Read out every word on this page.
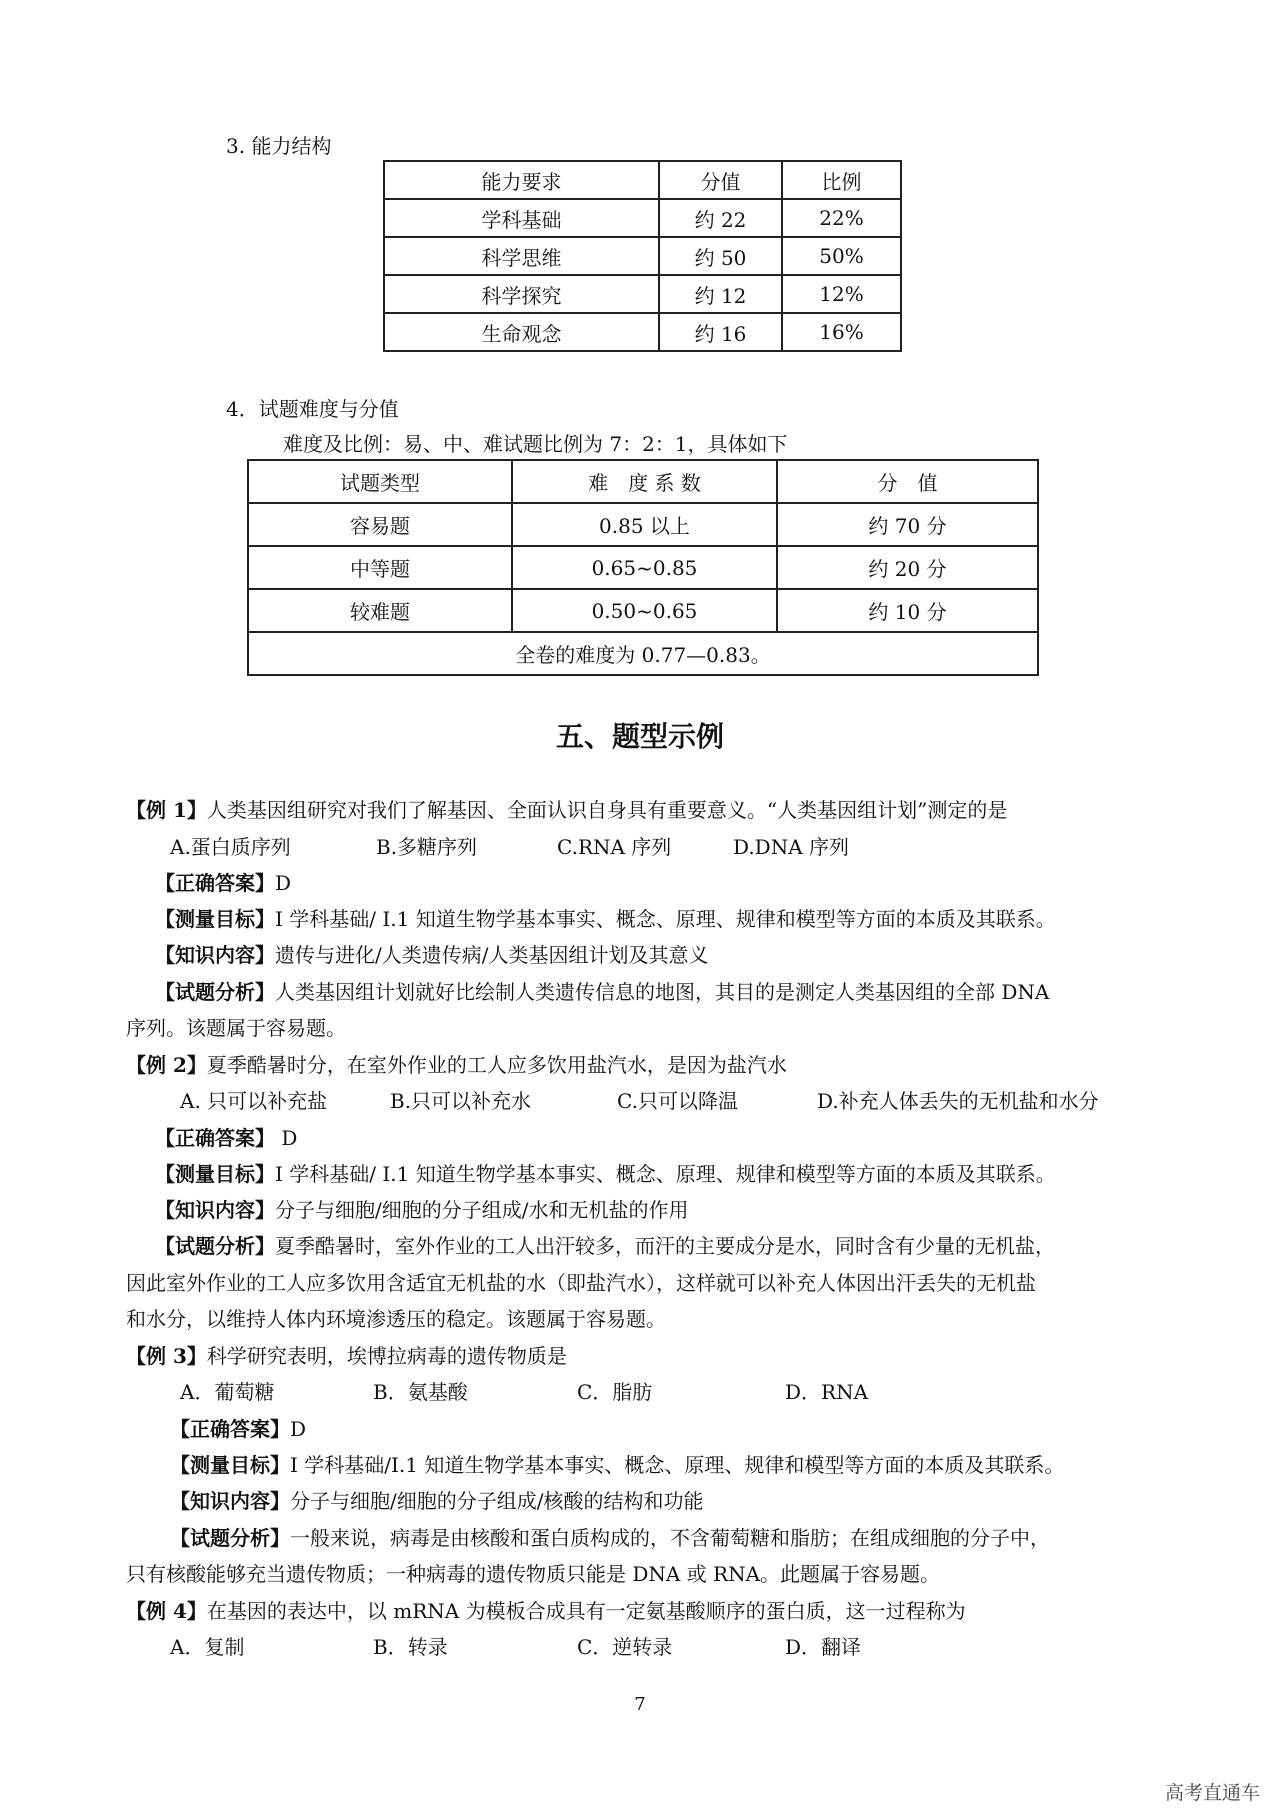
3. 能力结构
能力要求	分值	比例
学科基础	约 22	22%
科学思维	约 50	50%
科学探究	约 12	12%
生命观念	约 16	16%
4．试题难度与分值
难度及比例：易、中、难试题比例为 7：2：1，具体如下
试题类型	难　度 系 数	分　值
容易题	0.85 以上	约 70 分
中等题	0.65~0.85	约 20 分
较难题	0.50~0.65	约 10 分
全卷的难度为 0.77—0.83。		
五、题型示例
【例 1】人类基因组研究对我们了解基因、全面认识自身具有重要意义。“人类基因组计划”测定的是
A.蛋白质序列	B.多糖序列	C.RNA 序列	D.DNA 序列
【正确答案】D
【测量目标】I 学科基础/ I.1 知道生物学基本事实、概念、原理、规律和模型等方面的本质及其联系。
【知识内容】遗传与进化/人类遗传病/人类基因组计划及其意义
【试题分析】人类基因组计划就好比绘制人类遗传信息的地图，其目的是测定人类基因组的全部 DNA
序列。该题属于容易题。
【例 2】夏季酷暑时分，在室外作业的工人应多饮用盐汽水，是因为盐汽水
A. 只可以补充盐	B.只可以补充水	C.只可以降温	D.补充人体丢失的无机盐和水分
【正确答案】 D
【测量目标】I 学科基础/ I.1 知道生物学基本事实、概念、原理、规律和模型等方面的本质及其联系。
【知识内容】分子与细胞/细胞的分子组成/水和无机盐的作用
【试题分析】夏季酷暑时，室外作业的工人出汗较多，而汗的主要成分是水，同时含有少量的无机盐，
因此室外作业的工人应多饮用含适宜无机盐的水（即盐汽水），这样就可以补充人体因出汗丢失的无机盐
和水分，以维持人体内环境渗透压的稳定。该题属于容易题。
【例 3】科学研究表明，埃博拉病毒的遗传物质是
A．葡萄糖	B．氨基酸	C．脂肪	D．RNA
【正确答案】D
【测量目标】I 学科基础/I.1 知道生物学基本事实、概念、原理、规律和模型等方面的本质及其联系。
【知识内容】分子与细胞/细胞的分子组成/核酸的结构和功能
【试题分析】一般来说，病毒是由核酸和蛋白质构成的，不含葡萄糖和脂肪；在组成细胞的分子中，
只有核酸能够充当遗传物质；一种病毒的遗传物质只能是 DNA 或 RNA。此题属于容易题。
【例 4】在基因的表达中，以 mRNA 为模板合成具有一定氨基酸顺序的蛋白质，这一过程称为
A．复制	B．转录	C．逆转录	D．翻译
7
高考直通车
